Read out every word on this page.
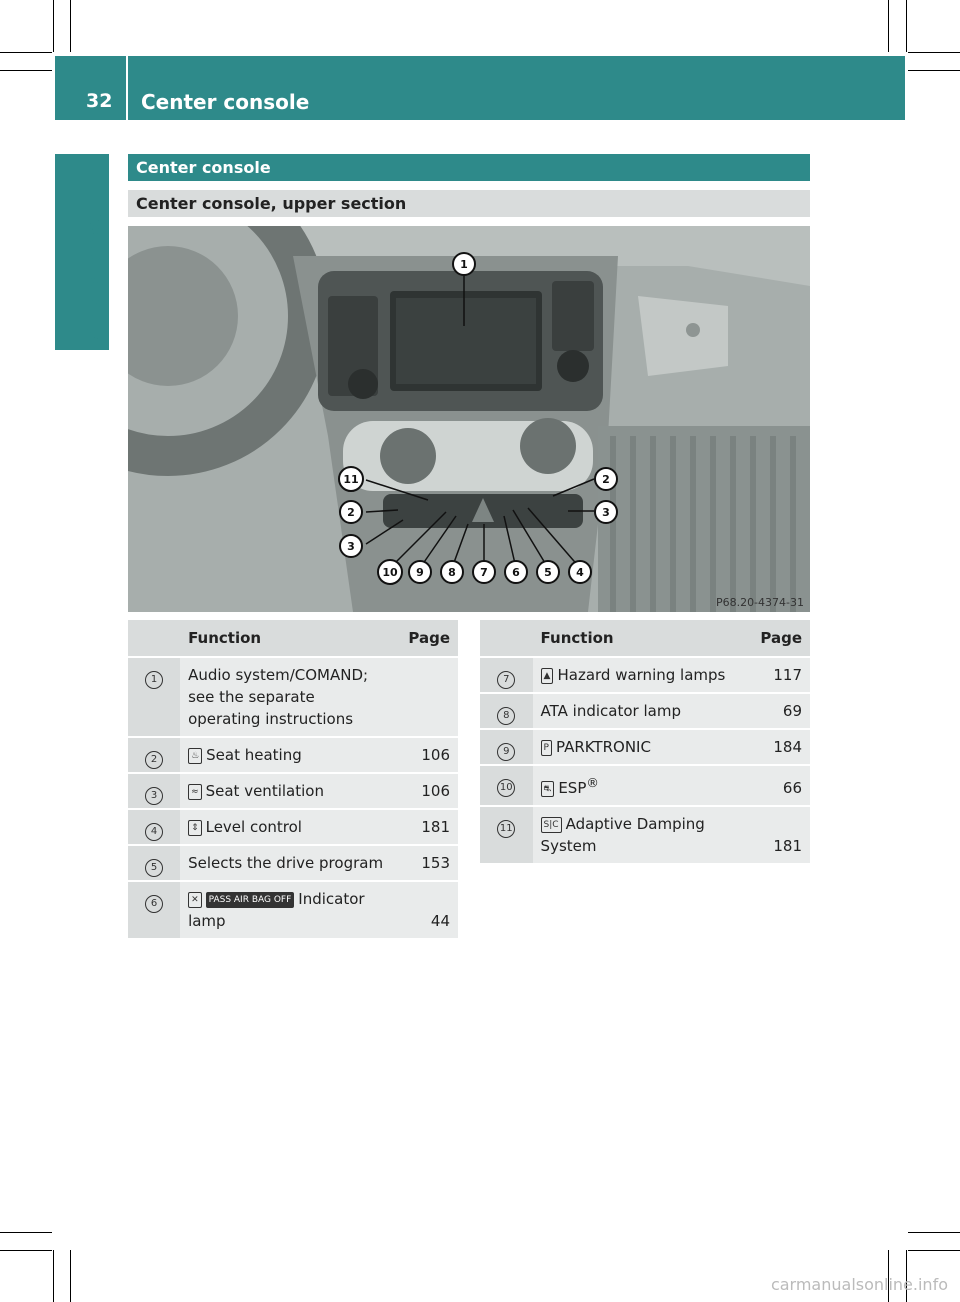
32 Center console
At a glance
Center console
Center console, upper section
1
11
2
3
2
3
10 9 8 7 6 5 4
P68.20-4374-31
	Function	Page
1	Audio system/COMAND; see the separate operating instructions	
2	♨ Seat heating	106
3	≈ Seat ventilation	106
4	⇕ Level control	181
5	Selects the drive program	153
6	✕ PASS AIR BAG OFF Indicator lamp	44
	Function	Page
7	▲ Hazard warning lamps	117
8	ATA indicator lamp	69
9	P PARKTRONIC	184
10	⛐ ESP®	66
11	S|C Adaptive Damping System	181
carmanualsonline.info
